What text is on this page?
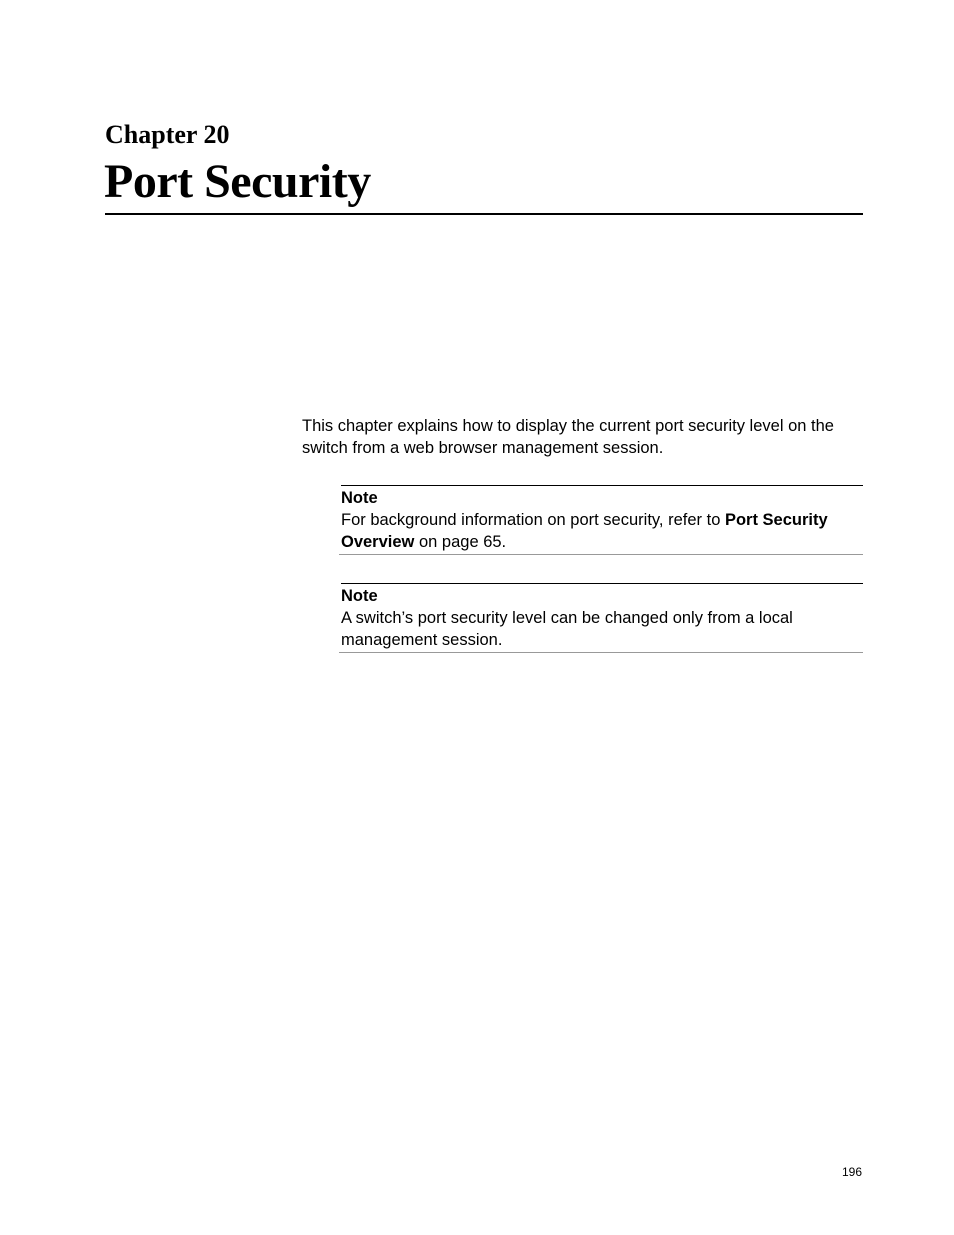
Chapter 20
Port Security

This chapter explains how to display the current port security level on the switch from a web browser management session.

Note
For background information on port security, refer to Port Security Overview on page 65.
Note
A switch’s port security level can be changed only from a local management session.
196
